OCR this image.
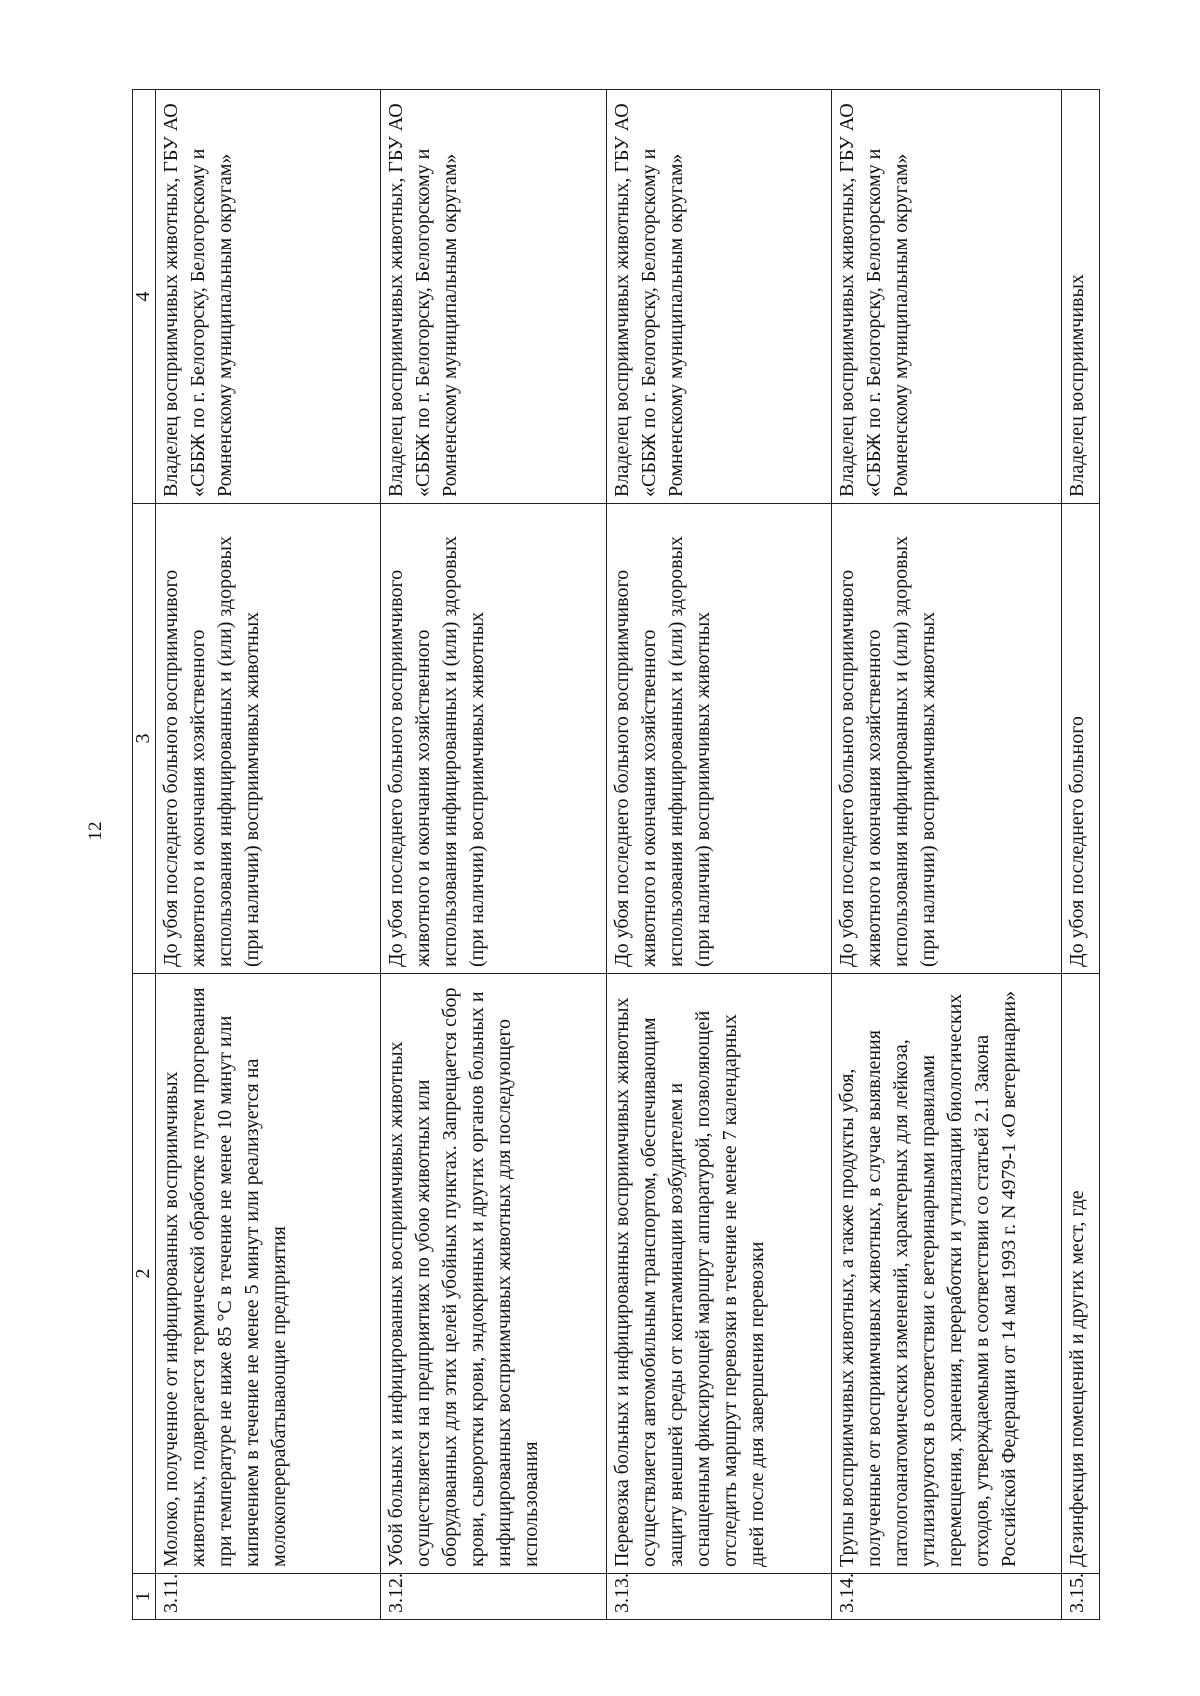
12
1	2	3	4
3.11.	Молоко, полученное от инфицированных восприимчивых животных, подвергается термической обработке путем прогревания при температуре не ниже 85 °С в течение не менее 10 минут или кипячением в течение не менее 5 минут или реализуется на молокоперерабатывающие предприятия	До убоя последнего больного восприимчивого животного и окончания хозяйственного использования инфицированных и (или) здоровых (при наличии) восприимчивых животных	Владелец восприимчивых животных, ГБУ АО «СББЖ по г. Белогорску, Белогорскому и Ромненскому муниципальным округам»
3.12.	Убой больных и инфицированных восприимчивых животных осуществляется на предприятиях по убою животных или оборудованных для этих целей убойных пунктах. Запрещается сбор крови, сыворотки крови, эндокринных и других органов больных и инфицированных восприимчивых животных для последующего использования	До убоя последнего больного восприимчивого животного и окончания хозяйственного использования инфицированных и (или) здоровых (при наличии) восприимчивых животных	Владелец восприимчивых животных, ГБУ АО «СББЖ по г. Белогорску, Белогорскому и Ромненскому муниципальным округам»
3.13.	Перевозка больных и инфицированных восприимчивых животных осуществляется автомобильным транспортом, обеспечивающим защиту внешней среды от контаминации возбудителем и оснащенным фиксирующей маршрут аппаратурой, позволяющей отследить маршрут перевозки в течение не менее 7 календарных дней после дня завершения перевозки	До убоя последнего больного восприимчивого животного и окончания хозяйственного использования инфицированных и (или) здоровых (при наличии) восприимчивых животных	Владелец восприимчивых животных, ГБУ АО «СББЖ по г. Белогорску, Белогорскому и Ромненскому муниципальным округам»
3.14.	Трупы восприимчивых животных, а также продукты убоя, полученные от восприимчивых животных, в случае выявления патологоанатомических изменений, характерных для лейкоза, утилизируются в соответствии с ветеринарными правилами перемещения, хранения, переработки и утилизации биологических отходов, утверждаемыми в соответствии со статьей 2.1 Закона Российской Федерации от 14 мая 1993 г. N 4979-1 «О ветеринарии»	До убоя последнего больного восприимчивого животного и окончания хозяйственного использования инфицированных и (или) здоровых (при наличии) восприимчивых животных	Владелец восприимчивых животных, ГБУ АО «СББЖ по г. Белогорску, Белогорскому и Ромненскому муниципальным округам»
3.15.	Дезинфекция помещений и других мест, где	До убоя последнего больного	Владелец восприимчивых
